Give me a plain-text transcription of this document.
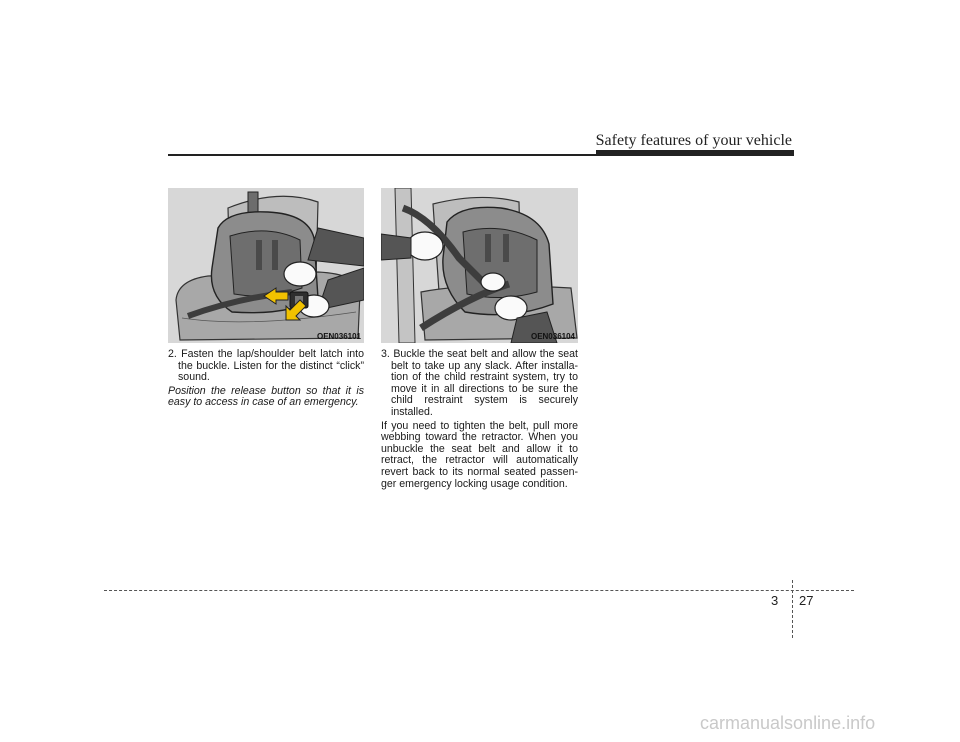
Safety features of your vehicle
OEN036101	OEN036104

2. Fasten the lap/shoulder belt latch into the buckle. Listen for the distinct “click” sound.

Position the release button so that it is easy to access in case of an emergency.

3. Buckle the seat belt and allow the seat belt to take up any slack. After installa-tion of the child restraint system, try to move it in all directions to be sure the child restraint system is securely installed.

If you need to tighten the belt, pull more webbing toward the retractor. When you unbuckle the seat belt and allow it to retract, the retractor will automatically revert back to its normal seated passen-ger emergency locking usage condition.

3 27
carmanualsonline.info
